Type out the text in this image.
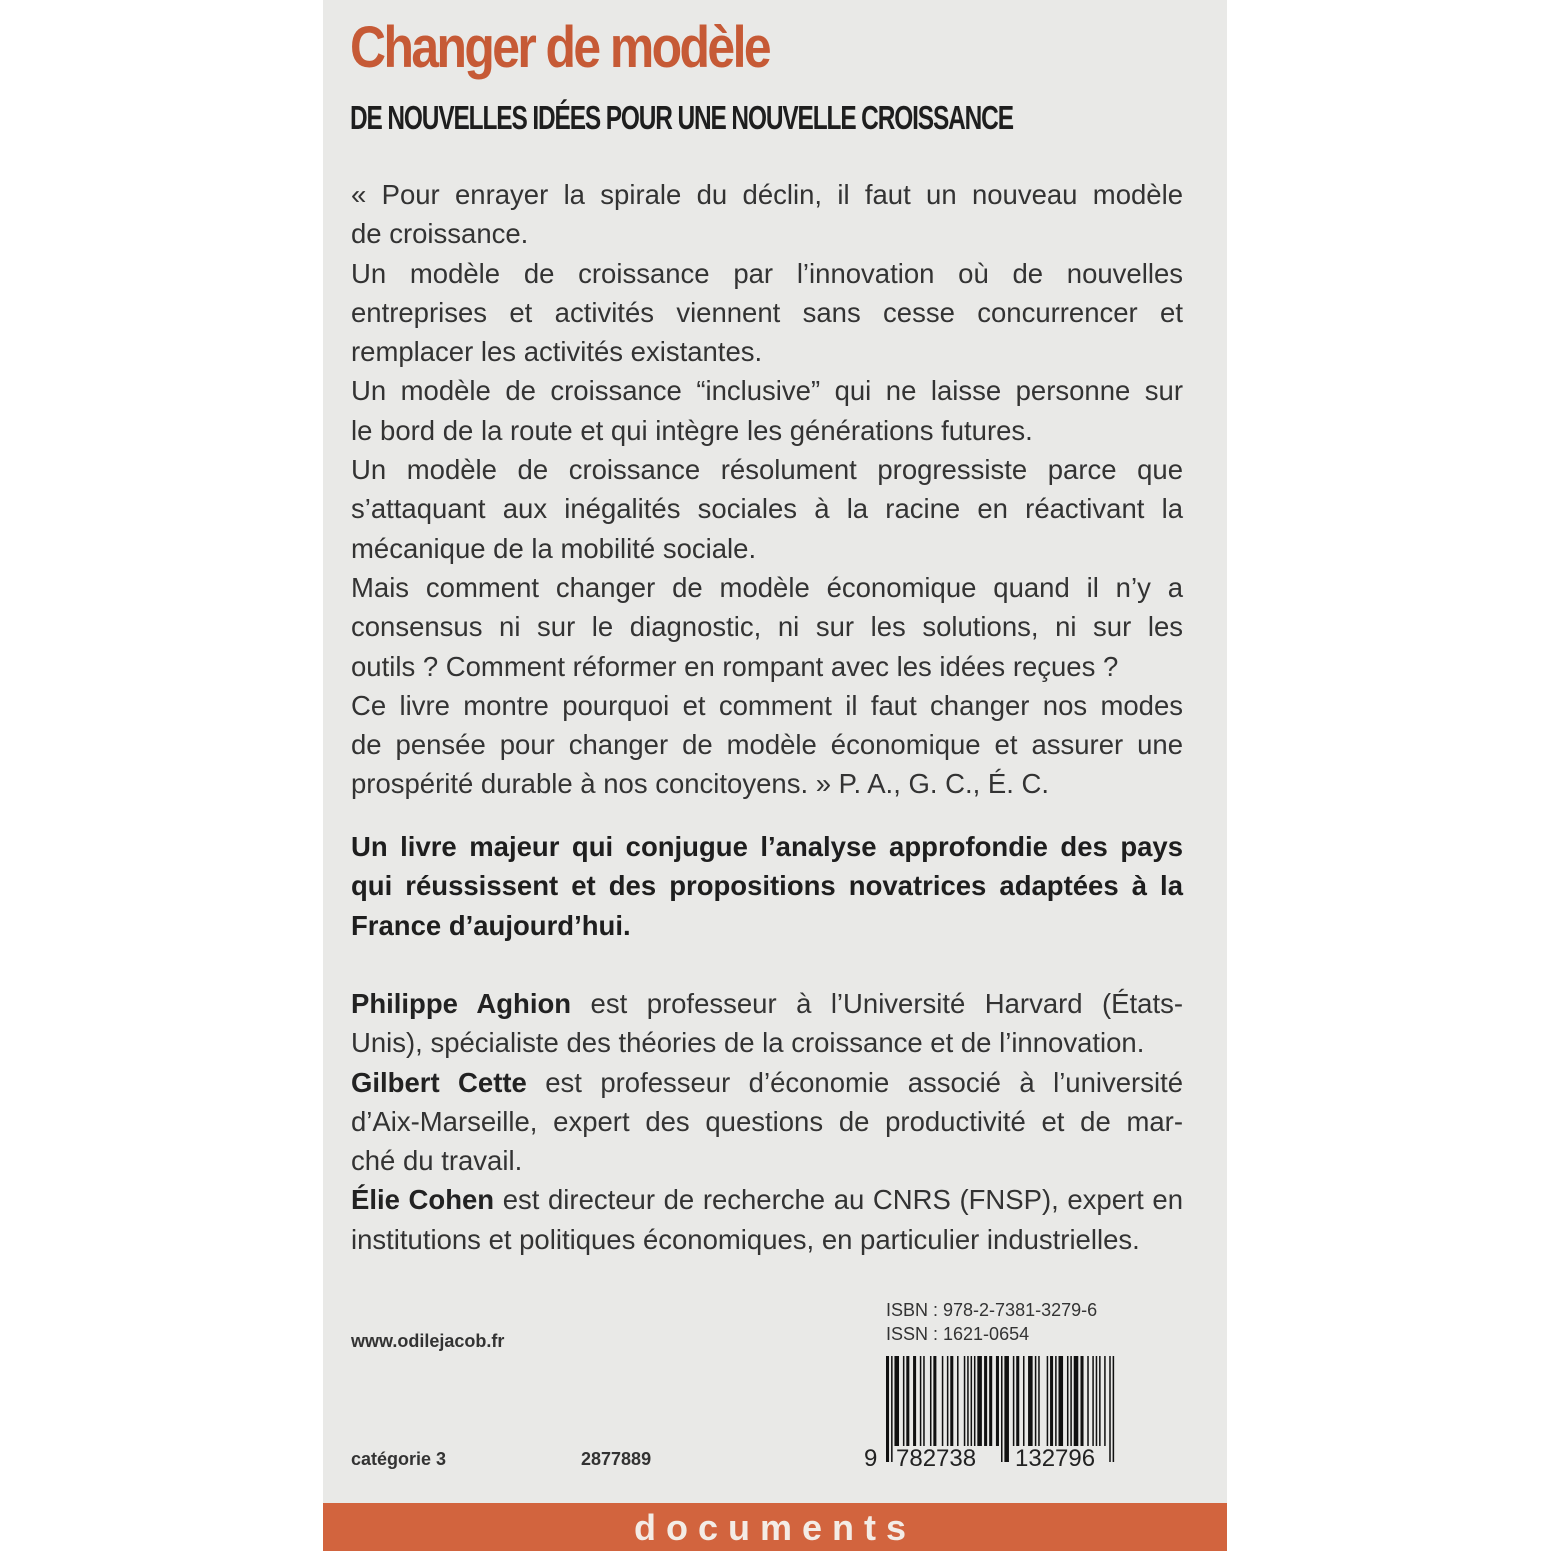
Changer de modèle
DE NOUVELLES IDÉES POUR UNE NOUVELLE CROISSANCE
« Pour enrayer la spirale du déclin, il faut un nouveau modèle
de croissance.
Un modèle de croissance par l’innovation où de nouvelles
entreprises et activités viennent sans cesse concurrencer et
remplacer les activités existantes.
Un modèle de croissance “inclusive” qui ne laisse personne sur
le bord de la route et qui intègre les générations futures.
Un modèle de croissance résolument progressiste parce que
s’attaquant aux inégalités sociales à la racine en réactivant la
mécanique de la mobilité sociale.
Mais comment changer de modèle économique quand il n’y a
consensus ni sur le diagnostic, ni sur les solutions, ni sur les
outils ? Comment réformer en rompant avec les idées reçues ?
Ce livre montre pourquoi et comment il faut changer nos modes
de pensée pour changer de modèle économique et assurer une
prospérité durable à nos concitoyens. » P. A., G. C., É. C.
Un livre majeur qui conjugue l’analyse approfondie des pays
qui réussissent et des propositions novatrices adaptées à la
France d’aujourd’hui.
Philippe Aghion est professeur à l’Université Harvard (États-
Unis), spécialiste des théories de la croissance et de l’innovation.
Gilbert Cette est professeur d’économie associé à l’université
d’Aix-Marseille, expert des questions de productivité et de mar-
ché du travail.
Élie Cohen est directeur de recherche au CNRS (FNSP), expert en
institutions et politiques économiques, en particulier industrielles.
ISBN : 978-2-7381-3279-6
ISSN : 1621-0654
www.odilejacob.fr
catégorie 3	2877889	9 782738 132796
documents
